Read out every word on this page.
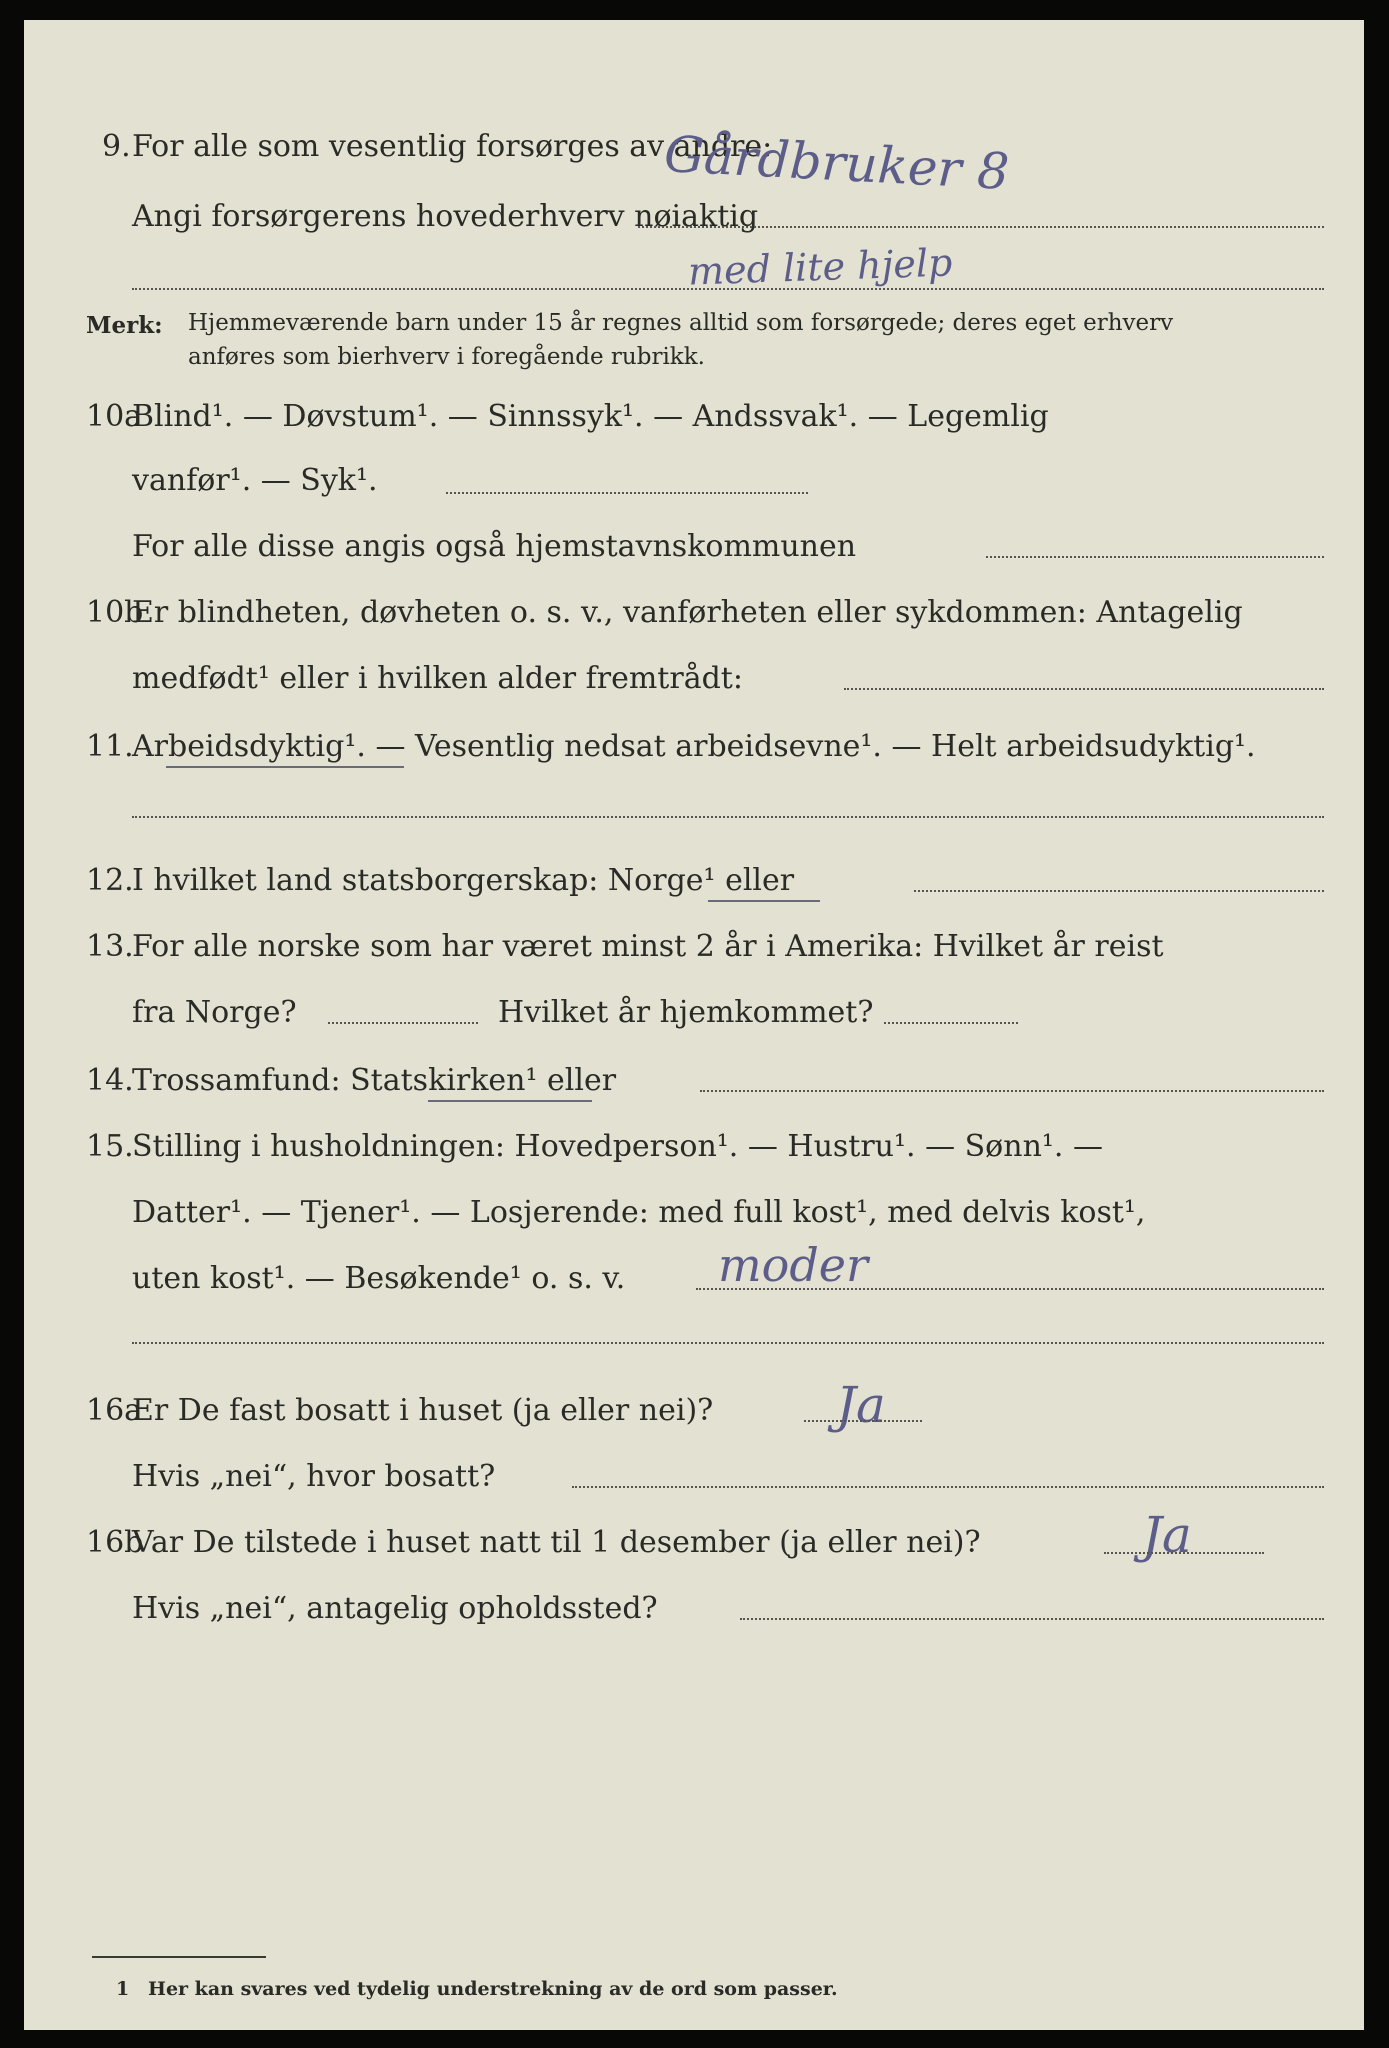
9. For alle som vesentlig forsørges av andre:
Gårdbruker 8
Angi forsørgerens hovederhverv nøiaktig
med lite hjelp
Merk: Hjemmeværende barn under 15 år regnes alltid som forsørgede; deres eget erhverv
anføres som bierhverv i foregående rubrikk.
10a
Blind¹. — Døvstum¹. — Sinnssyk¹. — Andssvak¹. — Legemlig
vanfør¹. — Syk¹.
For alle disse angis også hjemstavnskommunen
10b
Er blindheten, døvheten o. s. v., vanførheten eller sykdommen: Antagelig
medfødt¹ eller i hvilken alder fremtrådt:
11.
Arbeidsdyktig¹. — Vesentlig nedsat arbeidsevne¹. — Helt arbeidsudyktig¹.
12.
I hvilket land statsborgerskap: Norge¹ eller
13.
For alle norske som har været minst 2 år i Amerika: Hvilket år reist
fra Norge?	Hvilket år hjemkommet?
14.
Trossamfund: Statskirken¹ eller
15.
Stilling i husholdningen: Hovedperson¹. — Hustru¹. — Sønn¹. —
Datter¹. — Tjener¹. — Losjerende: med full kost¹, med delvis kost¹,
uten kost¹. — Besøkende¹ o. s. v. moder
16a
Er De fast bosatt i huset (ja eller nei)? Ja
Hvis „nei“, hvor bosatt?
16b
Var De tilstede i huset natt til 1 desember (ja eller nei)?	Ja
Hvis „nei“, antagelig opholdssted?
1 Her kan svares ved tydelig understrekning av de ord som passer.
